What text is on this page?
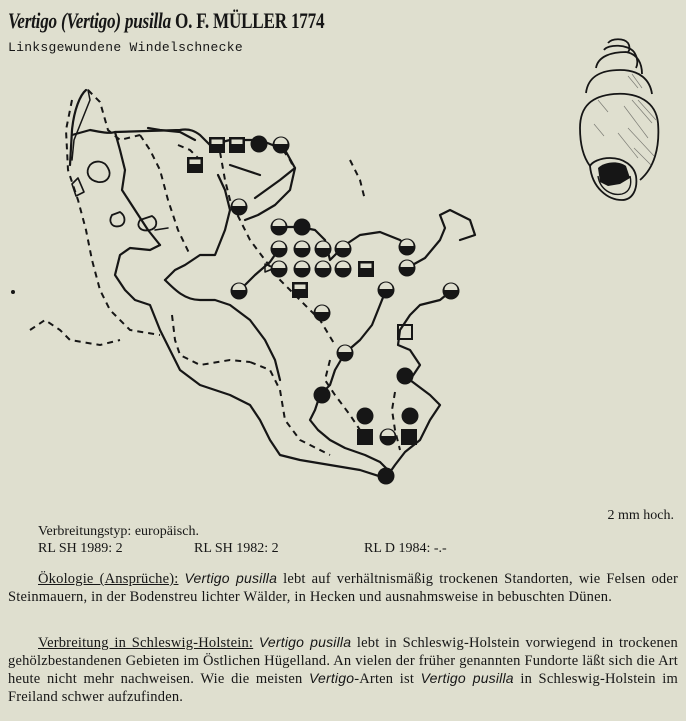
Vertigo (Vertigo) pusilla O. F. MÜLLER 1774
Linksgewundene Windelschnecke
2 mm hoch.
Verbreitungstyp: europäisch.
RL SH 1989: 2	RL SH 1982: 2	RL D 1984: -.-
Ökologie (Ansprüche): Vertigo pusilla lebt auf verhältnismäßig trockenen Standorten, wie Felsen oder Steinmauern, in der Bodenstreu lichter Wälder, in Hecken und ausnahmsweise in bebuschten Dünen.
Verbreitung in Schleswig-Holstein: Vertigo pusilla lebt in Schleswig-Holstein vorwiegend in trockenen gehölzbestandenen Gebieten im Östlichen Hügelland. An vielen der früher genannten Fundorte läßt sich die Art heute nicht mehr nachweisen. Wie die meisten Vertigo-Arten ist Vertigo pusilla in Schleswig-Holstein im Freiland schwer aufzufinden.
